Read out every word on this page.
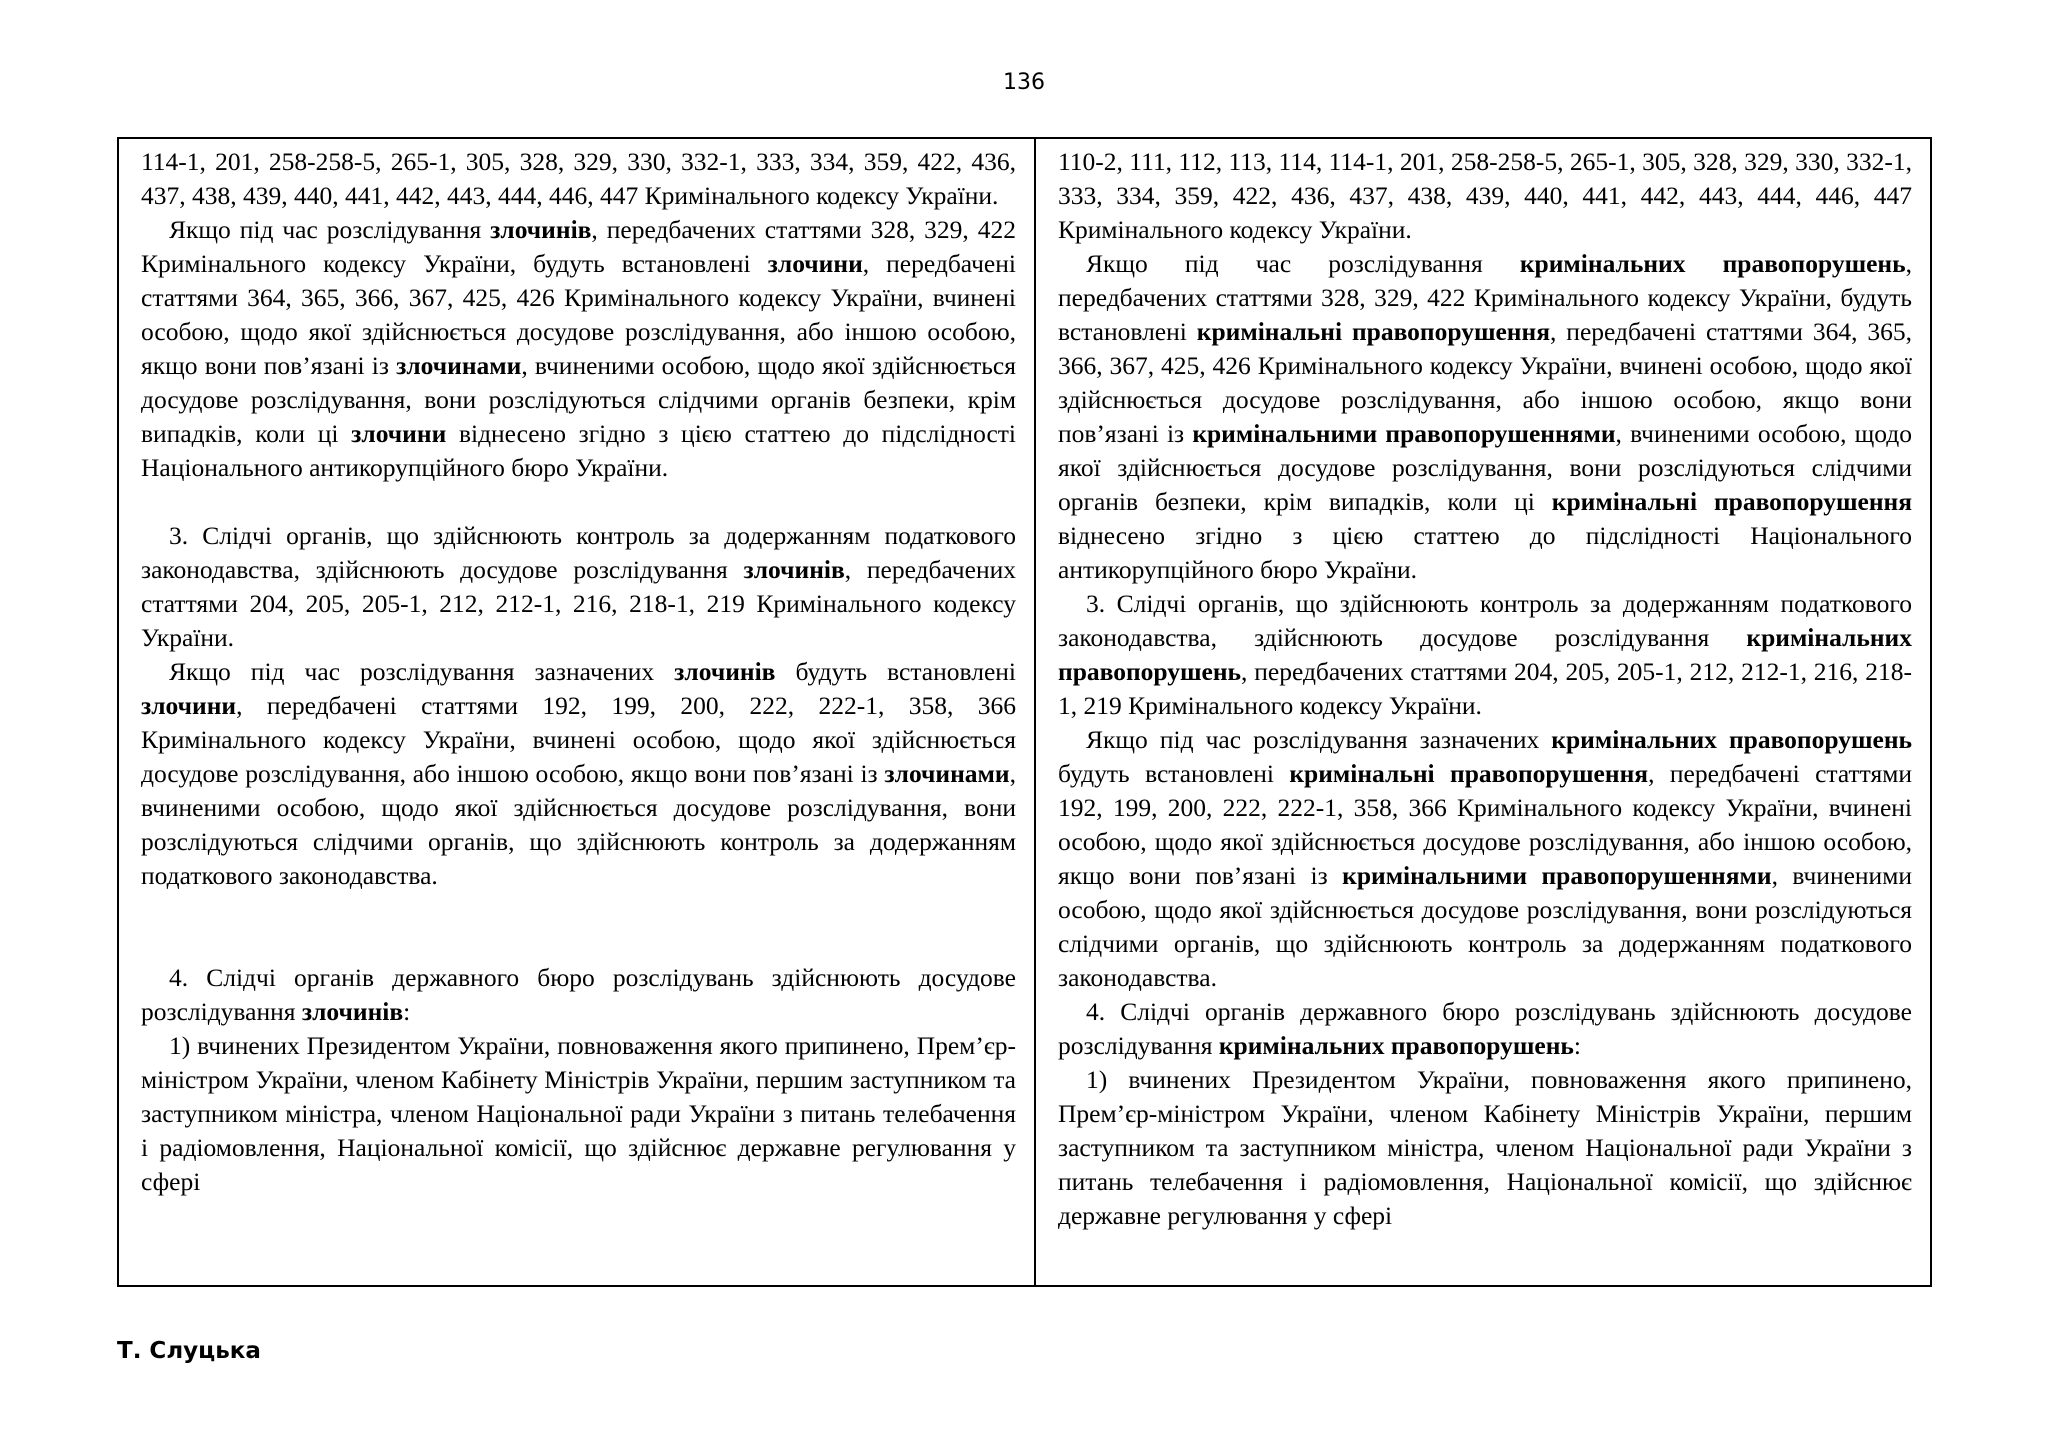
136

114-1, 201, 258-258-5, 265-1, 305, 328, 329, 330, 332-1, 333, 334, 359, 422, 436, 437, 438, 439, 440, 441, 442, 443, 444, 446, 447 Кримінального кодексу України.

Якщо під час розслідування злочинів, передбачених статтями 328, 329, 422 Кримінального кодексу України, будуть встановлені злочини, передбачені статтями 364, 365, 366, 367, 425, 426 Кримінального кодексу України, вчинені особою, щодо якої здійснюється досудове розслідування, або іншою особою, якщо вони пов’язані із злочинами, вчиненими особою, щодо якої здійснюється досудове розслідування, вони розслідуються слідчими органів безпеки, крім випадків, коли ці злочини віднесено згідно з цією статтею до підслідності Національного антикорупційного бюро України.

3. Слідчі органів, що здійснюють контроль за додержанням податкового законодавства, здійснюють досудове розслідування злочинів, передбачених статтями 204, 205, 205-1, 212, 212-1, 216, 218-1, 219 Кримінального кодексу України.

Якщо під час розслідування зазначених злочинів будуть встановлені злочини, передбачені статтями 192, 199, 200, 222, 222-1, 358, 366 Кримінального кодексу України, вчинені особою, щодо якої здійснюється досудове розслідування, або іншою особою, якщо вони пов’язані із злочинами, вчиненими особою, щодо якої здійснюється досудове розслідування, вони розслідуються слідчими органів, що здійснюють контроль за додержанням податкового законодавства.

4. Слідчі органів державного бюро розслідувань здійснюють досудове розслідування злочинів:

1) вчинених Президентом України, повноваження якого припинено, Прем’єр-міністром України, членом Кабінету Міністрів України, першим заступником та заступником міністра, членом Національної ради України з питань телебачення і радіомовлення, Національної комісії, що здійснює державне регулювання у сфері

110-2, 111, 112, 113, 114, 114-1, 201, 258-258-5, 265-1, 305, 328, 329, 330, 332-1, 333, 334, 359, 422, 436, 437, 438, 439, 440, 441, 442, 443, 444, 446, 447 Кримінального кодексу України.

Якщо під час розслідування кримінальних правопорушень, передбачених статтями 328, 329, 422 Кримінального кодексу України, будуть встановлені кримінальні правопорушення, передбачені статтями 364, 365, 366, 367, 425, 426 Кримінального кодексу України, вчинені особою, щодо якої здійснюється досудове розслідування, або іншою особою, якщо вони пов’язані із кримінальними правопорушеннями, вчиненими особою, щодо якої здійснюється досудове розслідування, вони розслідуються слідчими органів безпеки, крім випадків, коли ці кримінальні правопорушення віднесено згідно з цією статтею до підслідності Національного антикорупційного бюро України.

3. Слідчі органів, що здійснюють контроль за додержанням податкового законодавства, здійснюють досудове розслідування кримінальних правопорушень, передбачених статтями 204, 205, 205-1, 212, 212-1, 216, 218-1, 219 Кримінального кодексу України.

Якщо під час розслідування зазначених кримінальних правопорушень будуть встановлені кримінальні правопорушення, передбачені статтями 192, 199, 200, 222, 222-1, 358, 366 Кримінального кодексу України, вчинені особою, щодо якої здійснюється досудове розслідування, або іншою особою, якщо вони пов’язані із кримінальними правопорушеннями, вчиненими особою, щодо якої здійснюється досудове розслідування, вони розслідуються слідчими органів, що здійснюють контроль за додержанням податкового законодавства.

4. Слідчі органів державного бюро розслідувань здійснюють досудове розслідування кримінальних правопорушень:

1) вчинених Президентом України, повноваження якого припинено, Прем’єр-міністром України, членом Кабінету Міністрів України, першим заступником та заступником міністра, членом Національної ради України з питань телебачення і радіомовлення, Національної комісії, що здійснює державне регулювання у сфері

Т. Слуцька
